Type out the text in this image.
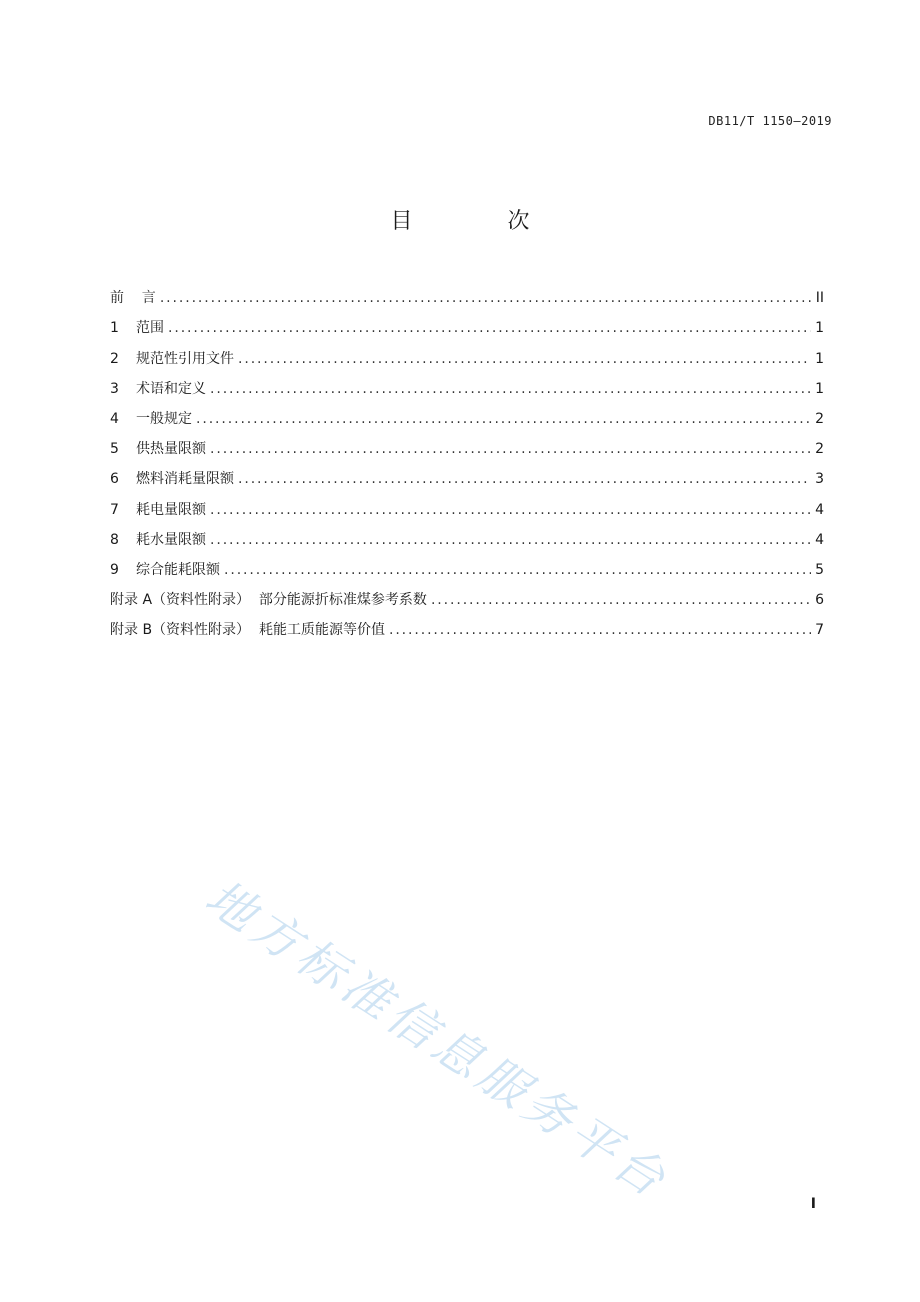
DB11/T 1150—2019
目 次
前    言 .....	II
1 范围 .....	1
2 规范性引用文件 .....	1
3 术语和定义 .....	1
4 一般规定 .....	2
5 供热量限额 .....	2
6 燃料消耗量限额 .....	3
7 耗电量限额 .....	4
8 耗水量限额 .....	4
9 综合能耗限额 .....	5
附录 A（资料性附录）  部分能源折标准煤参考系数 .....	6
附录 B（资料性附录）  耗能工质能源等价值 .....	7
地方标准信息服务平台	I
